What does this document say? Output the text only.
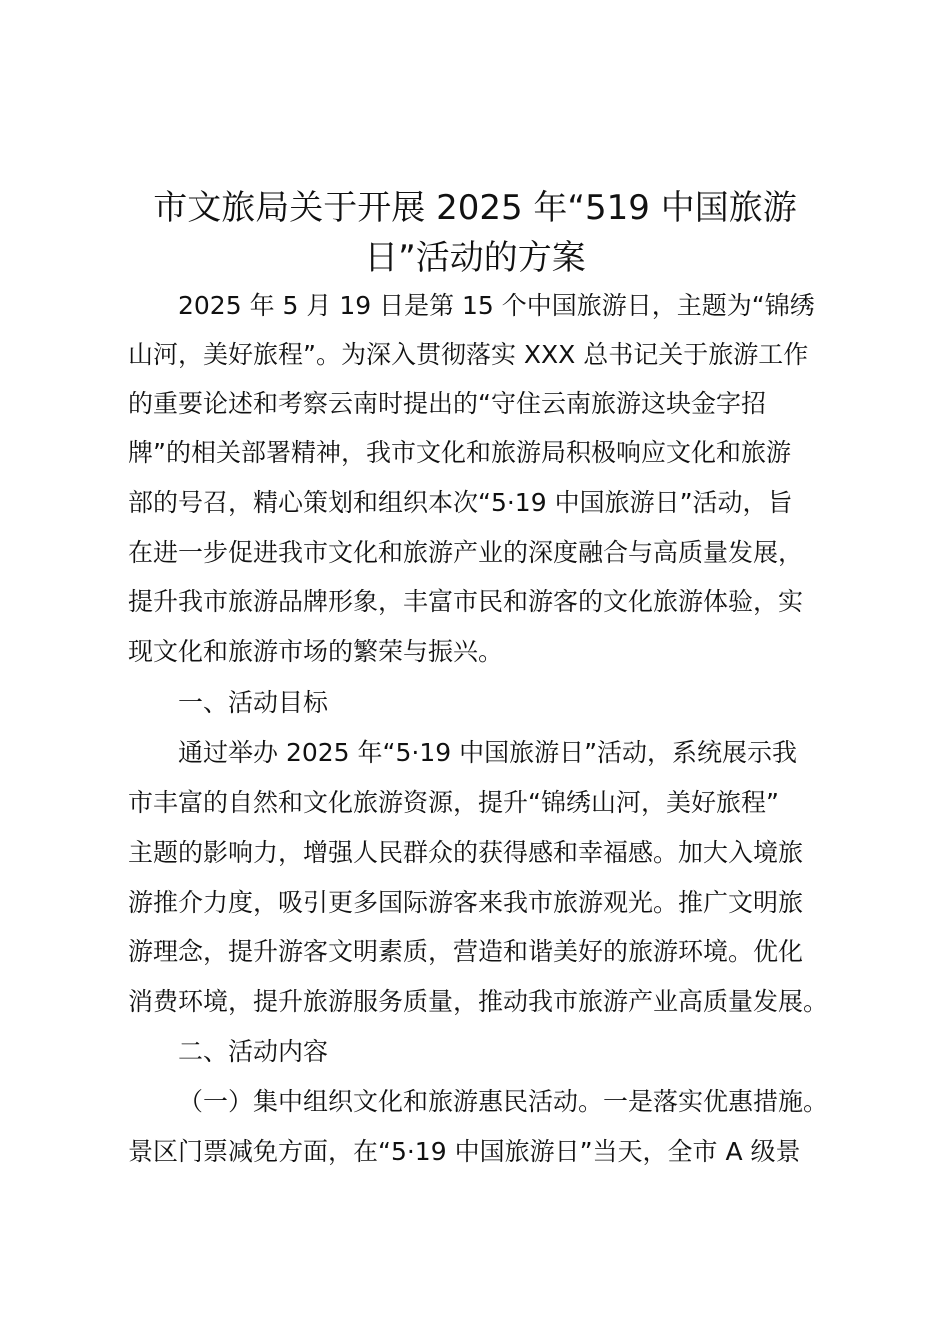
市文旅局关于开展 2025 年“519 中国旅游
日”活动的方案

2025 年 5 月 19 日是第 15 个中国旅游日，主题为“锦绣

山河，美好旅程”。为深入贯彻落实 XXX 总书记关于旅游工作

的重要论述和考察云南时提出的“守住云南旅游这块金字招

牌”的相关部署精神，我市文化和旅游局积极响应文化和旅游

部的号召，精心策划和组织本次“5·19 中国旅游日”活动，旨

在进一步促进我市文化和旅游产业的深度融合与高质量发展，

提升我市旅游品牌形象，丰富市民和游客的文化旅游体验，实

现文化和旅游市场的繁荣与振兴。

一、活动目标

通过举办 2025 年“5·19 中国旅游日”活动，系统展示我

市丰富的自然和文化旅游资源，提升“锦绣山河，美好旅程”

主题的影响力，增强人民群众的获得感和幸福感。加大入境旅

游推介力度，吸引更多国际游客来我市旅游观光。推广文明旅

游理念，提升游客文明素质，营造和谐美好的旅游环境。优化

消费环境，提升旅游服务质量，推动我市旅游产业高质量发展。

二、活动内容

（一）集中组织文化和旅游惠民活动。一是落实优惠措施。

景区门票减免方面，在“5·19 中国旅游日”当天，全市 A 级景
